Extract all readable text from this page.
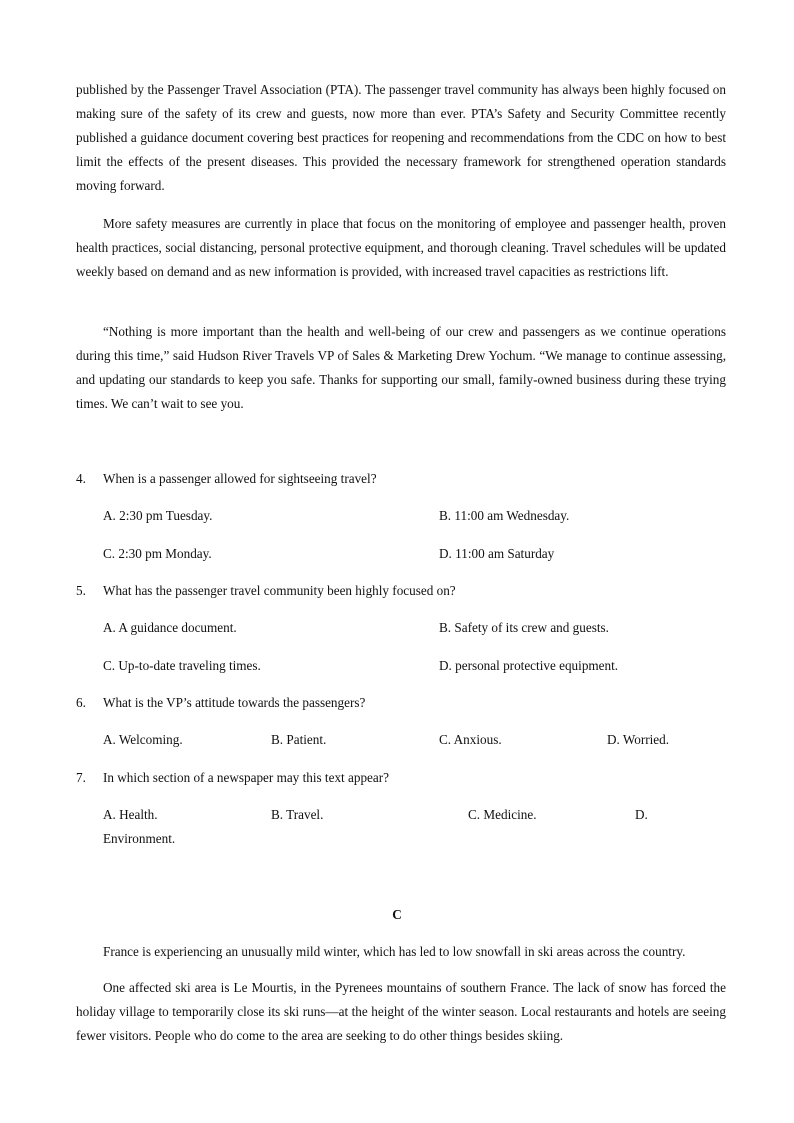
published by the Passenger Travel Association (PTA). The passenger travel community has always been highly focused on making sure of the safety of its crew and guests, now more than ever. PTA’s Safety and Security Committee recently published a guidance document covering best practices for reopening and recommendations from the CDC on how to best limit the effects of the present diseases. This provided the necessary framework for strengthened operation standards moving forward.

More safety measures are currently in place that focus on the monitoring of employee and passenger health, proven health practices, social distancing, personal protective equipment, and thorough cleaning. Travel schedules will be updated weekly based on demand and as new information is provided, with increased travel capacities as restrictions lift.

“Nothing is more important than the health and well-being of our crew and passengers as we continue operations during this time,” said Hudson River Travels VP of Sales & Marketing Drew Yochum. “We manage to continue assessing, and updating our standards to keep you safe. Thanks for supporting our small, family-owned business during these trying times. We can’t wait to see you.

4. When is a passenger allowed for sightseeing travel?
A. 2:30 pm Tuesday.	B. 11:00 am Wednesday.
C. 2:30 pm Monday.	D. 11:00 am Saturday
5. What has the passenger travel community been highly focused on?
A. A guidance document.	B. Safety of its crew and guests.
C. Up-to-date traveling times.	D. personal protective equipment.
6. What is the VP’s attitude towards the passengers?
A. Welcoming.	B. Patient.	C. Anxious.	D. Worried.
7. In which section of a newspaper may this text appear?
A. Health.	B. Travel.	C. Medicine.	D.
Environment.
C

France is experiencing an unusually mild winter, which has led to low snowfall in ski areas across the country.

One affected ski area is Le Mourtis, in the Pyrenees mountains of southern France. The lack of snow has forced the holiday village to temporarily close its ski runs—at the height of the winter season. Local restaurants and hotels are seeing fewer visitors. People who do come to the area are seeking to do other things besides skiing.
